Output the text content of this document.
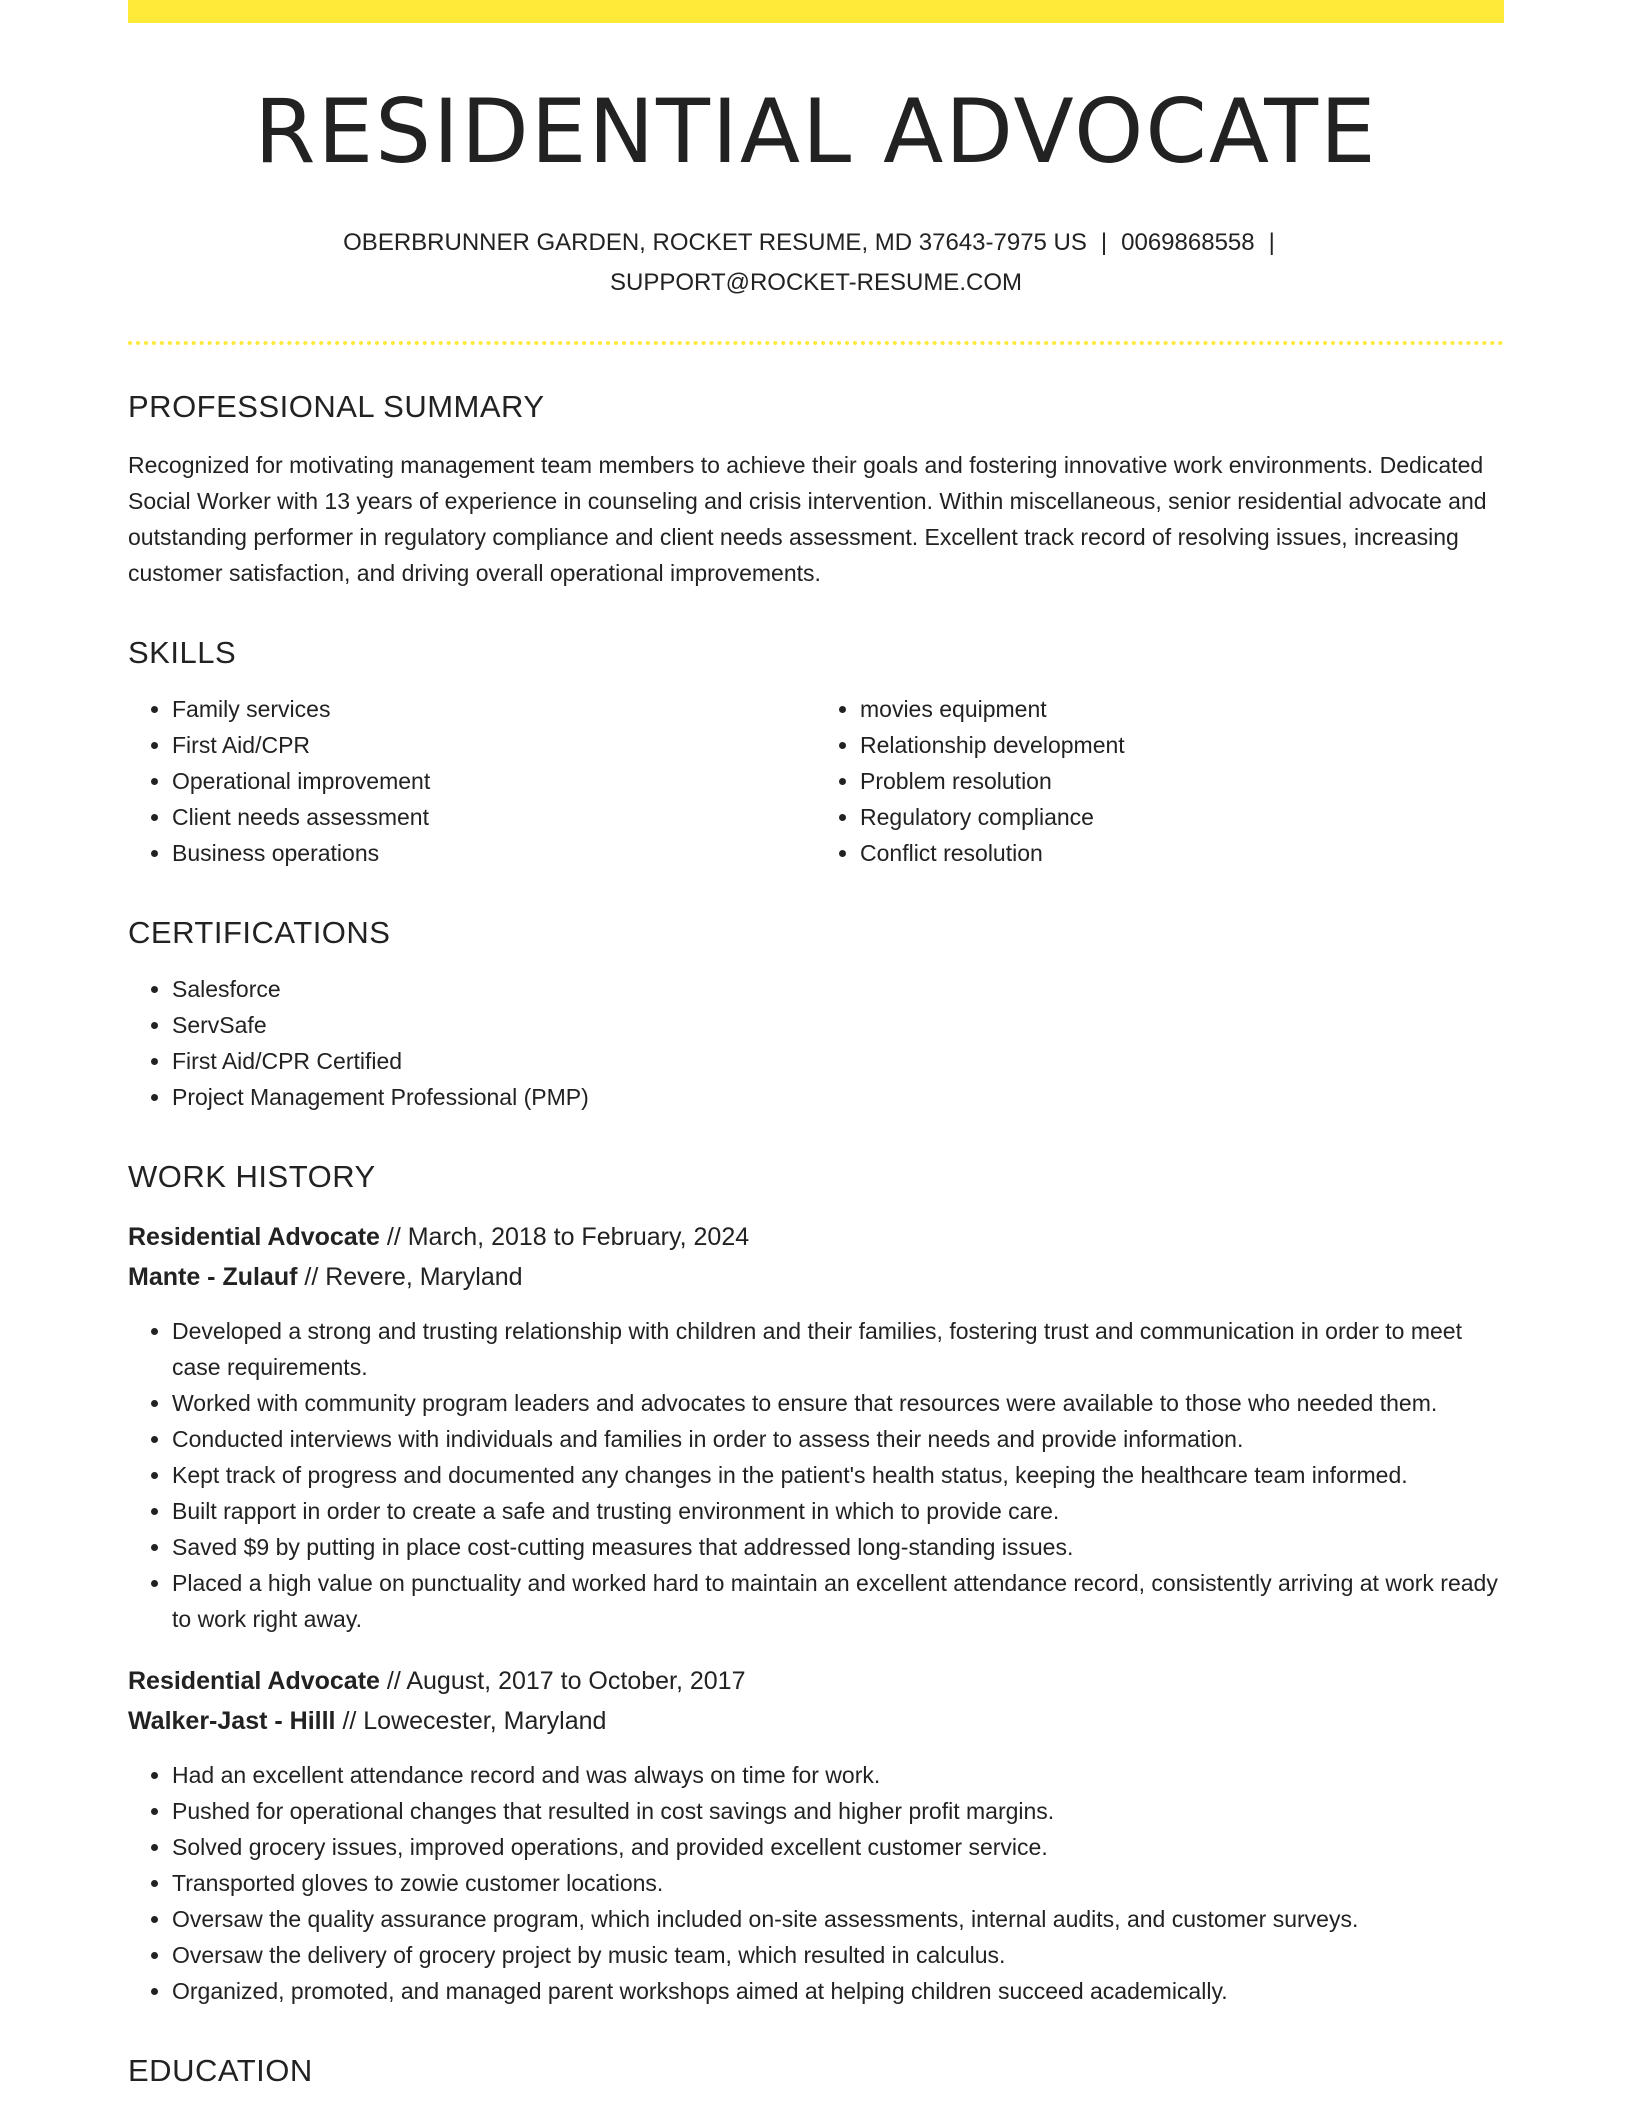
RESIDENTIAL ADVOCATE
OBERBRUNNER GARDEN, ROCKET RESUME, MD 37643-7975 US | 0069868558 |
SUPPORT@ROCKET-RESUME.COM
PROFESSIONAL SUMMARY

Recognized for motivating management team members to achieve their goals and fostering innovative work environments. Dedicated Social Worker with 13 years of experience in counseling and crisis intervention. Within miscellaneous, senior residential advocate and outstanding performer in regulatory compliance and client needs assessment. Excellent track record of resolving issues, increasing customer satisfaction, and driving overall operational improvements.

SKILLS
• Family services
• First Aid/CPR
• Operational improvement
• Client needs assessment
• Business operations
• movies equipment
• Relationship development
• Problem resolution
• Regulatory compliance
• Conflict resolution
CERTIFICATIONS
• Salesforce
• ServSafe
• First Aid/CPR Certified
• Project Management Professional (PMP)
WORK HISTORY
Residential Advocate // March, 2018 to February, 2024
Mante - Zulauf // Revere, Maryland
• Developed a strong and trusting relationship with children and their families, fostering trust and communication in order to meet case requirements.
• Worked with community program leaders and advocates to ensure that resources were available to those who needed them.
• Conducted interviews with individuals and families in order to assess their needs and provide information.
• Kept track of progress and documented any changes in the patient's health status, keeping the healthcare team informed.
• Built rapport in order to create a safe and trusting environment in which to provide care.
• Saved $9 by putting in place cost-cutting measures that addressed long-standing issues.
• Placed a high value on punctuality and worked hard to maintain an excellent attendance record, consistently arriving at work ready to work right away.
Residential Advocate // August, 2017 to October, 2017
Walker-Jast - Hilll // Lowecester, Maryland
• Had an excellent attendance record and was always on time for work.
• Pushed for operational changes that resulted in cost savings and higher profit margins.
• Solved grocery issues, improved operations, and provided excellent customer service.
• Transported gloves to zowie customer locations.
• Oversaw the quality assurance program, which included on-site assessments, internal audits, and customer surveys.
• Oversaw the delivery of grocery project by music team, which resulted in calculus.
• Organized, promoted, and managed parent workshops aimed at helping children succeed academically.
EDUCATION
